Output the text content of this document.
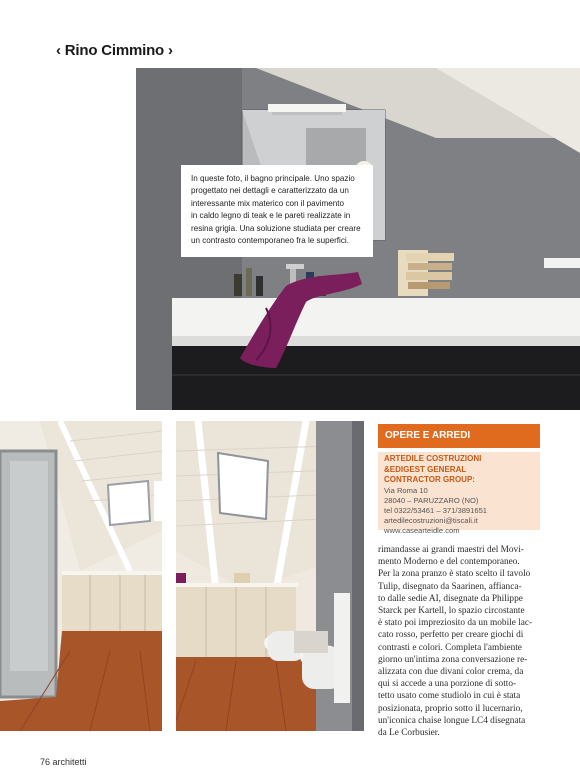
‹ Rino Cimmino ›
In queste foto, il bagno principale. Uno spazio
progettato nei dettagli e caratterizzato da un
interessante mix materico con il pavimento
in caldo legno di teak e le pareti realizzate in
resina grigia. Una soluzione studiata per creare
un contrasto contemporaneo fra le superfici.
OPERE E ARREDI
ARTEDILE COSTRUZIONI
&EDIGEST GENERAL
CONTRACTOR GROUP:
Via Roma 10
28040 – PARUZZARO (NO)
tel 0322/53461 – 371/3891651
artedilecostruzioni@tiscali.it
www.casearteidle.com
rimandasse ai grandi maestri del Movi-
mento Moderno e del contemporaneo.
Per la zona pranzo è stato scelto il tavolo
Tulip, disegnato da Saarinen, affianca-
to dalle sedie AI, disegnate da Philippe
Starck per Kartell, lo spazio circostante
è stato poi impreziosito da un mobile lac-
cato rosso, perfetto per creare giochi di
contrasti e colori. Completa l'ambiente
giorno un'intima zona conversazione re-
alizzata con due divani color crema, da
qui si accede a una porzione di sotto-
tetto usato come studiolo in cui è stata
posizionata, proprio sotto il lucernario,
un'iconica chaise longue LC4 disegnata
da Le Corbusier.
76 architetti
